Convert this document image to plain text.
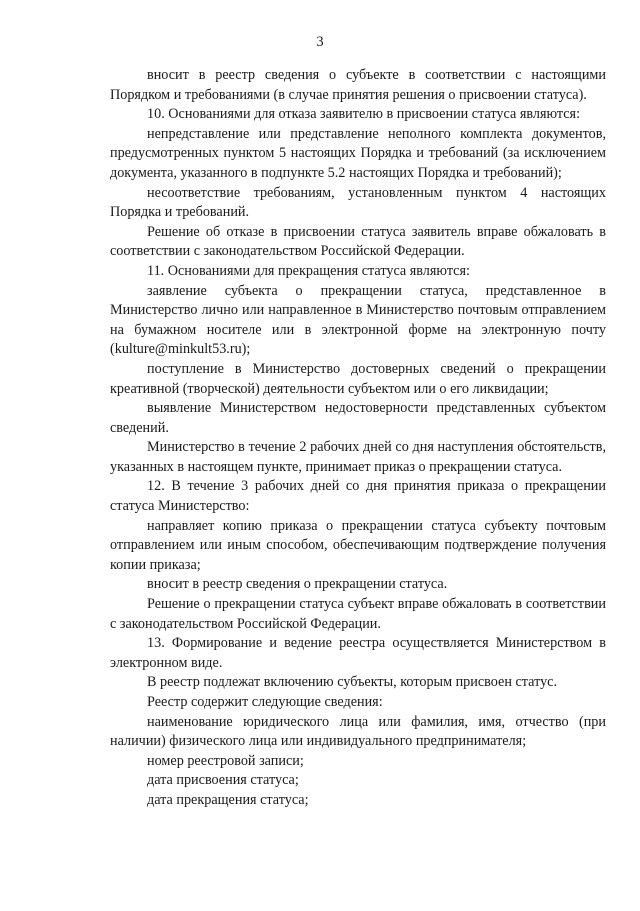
3

вносит в реестр сведения о субъекте в соответствии с настоящими Порядком и требованиями (в случае принятия решения о присвоении статуса).

10. Основаниями для отказа заявителю в присвоении статуса являются:

непредставление или представление неполного комплекта документов, предусмотренных пунктом 5 настоящих Порядка и требований (за исключением документа, указанного в подпункте 5.2 настоящих Порядка и требований);

несоответствие требованиям, установленным пунктом 4 настоящих Порядка и требований.

Решение об отказе в присвоении статуса заявитель вправе обжаловать в соответствии с законодательством Российской Федерации.

11. Основаниями для прекращения статуса являются:

заявление субъекта о прекращении статуса, представленное в Министерство лично или направленное в Министерство почтовым отправлением на бумажном носителе или в электронной форме на электронную почту (kulture@minkult53.ru);

поступление в Министерство достоверных сведений о прекращении креативной (творческой) деятельности субъектом или о его ликвидации;

выявление Министерством недостоверности представленных субъектом сведений.

Министерство в течение 2 рабочих дней со дня наступления обстоятельств, указанных в настоящем пункте, принимает приказ о прекращении статуса.

12. В течение 3 рабочих дней со дня принятия приказа о прекращении статуса Министерство:

направляет копию приказа о прекращении статуса субъекту почтовым отправлением или иным способом, обеспечивающим подтверждение получения копии приказа;

вносит в реестр сведения о прекращении статуса.

Решение о прекращении статуса субъект вправе обжаловать в соответствии с законодательством Российской Федерации.

13. Формирование и ведение реестра осуществляется Министерством в электронном виде.

В реестр подлежат включению субъекты, которым присвоен статус.

Реестр содержит следующие сведения:

наименование юридического лица или фамилия, имя, отчество (при наличии) физического лица или индивидуального предпринимателя;

номер реестровой записи;

дата присвоения статуса;

дата прекращения статуса;
